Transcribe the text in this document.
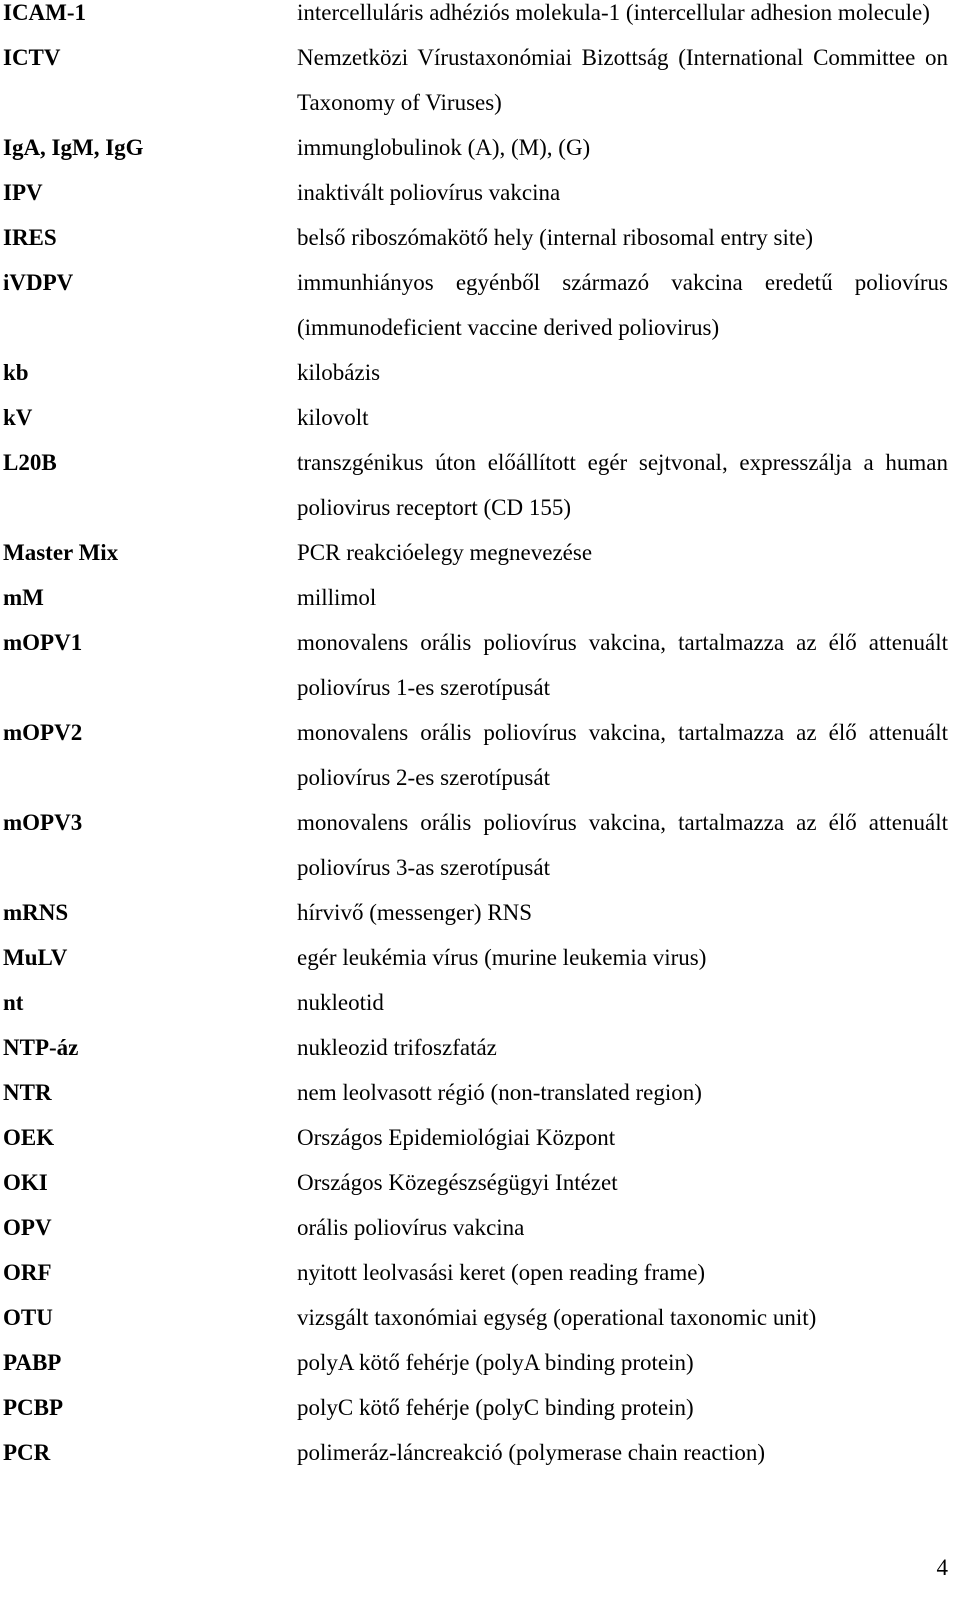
ICAM-1	intercelluláris adhéziós molekula-1 (intercellular adhesion molecule)
ICTV	Nemzetközi Vírustaxonómiai Bizottság (International Committee on Taxonomy of Viruses)
IgA, IgM, IgG	immunglobulinok (A), (M), (G)
IPV	inaktivált poliovírus vakcina
IRES	belső riboszómakötő hely (internal ribosomal entry site)
iVDPV	immunhiányos egyénből származó vakcina eredetű poliovírus (immunodeficient vaccine derived poliovirus)
kb	kilobázis
kV	kilovolt
L20B	transzgénikus úton előállított egér sejtvonal, expresszálja a human poliovirus receptort (CD 155)
Master Mix	PCR reakcióelegy megnevezése
mM	millimol
mOPV1	monovalens orális poliovírus vakcina, tartalmazza az élő attenuált poliovírus 1-es szerotípusát
mOPV2	monovalens orális poliovírus vakcina, tartalmazza az élő attenuált poliovírus 2-es szerotípusát
mOPV3	monovalens orális poliovírus vakcina, tartalmazza az élő attenuált poliovírus 3-as szerotípusát
mRNS	hírvivő (messenger) RNS
MuLV	egér leukémia vírus (murine leukemia virus)
nt	nukleotid
NTP-áz	nukleozid trifoszfatáz
NTR	nem leolvasott régió (non-translated region)
OEK	Országos Epidemiológiai Központ
OKI	Országos Közegészségügyi Intézet
OPV	orális poliovírus vakcina
ORF	nyitott leolvasási keret (open reading frame)
OTU	vizsgált taxonómiai egység (operational taxonomic unit)
PABP	polyA kötő fehérje (polyA binding protein)
PCBP	polyC kötő fehérje (polyC binding protein)
PCR	polimeráz-láncreakció (polymerase chain reaction)
4
